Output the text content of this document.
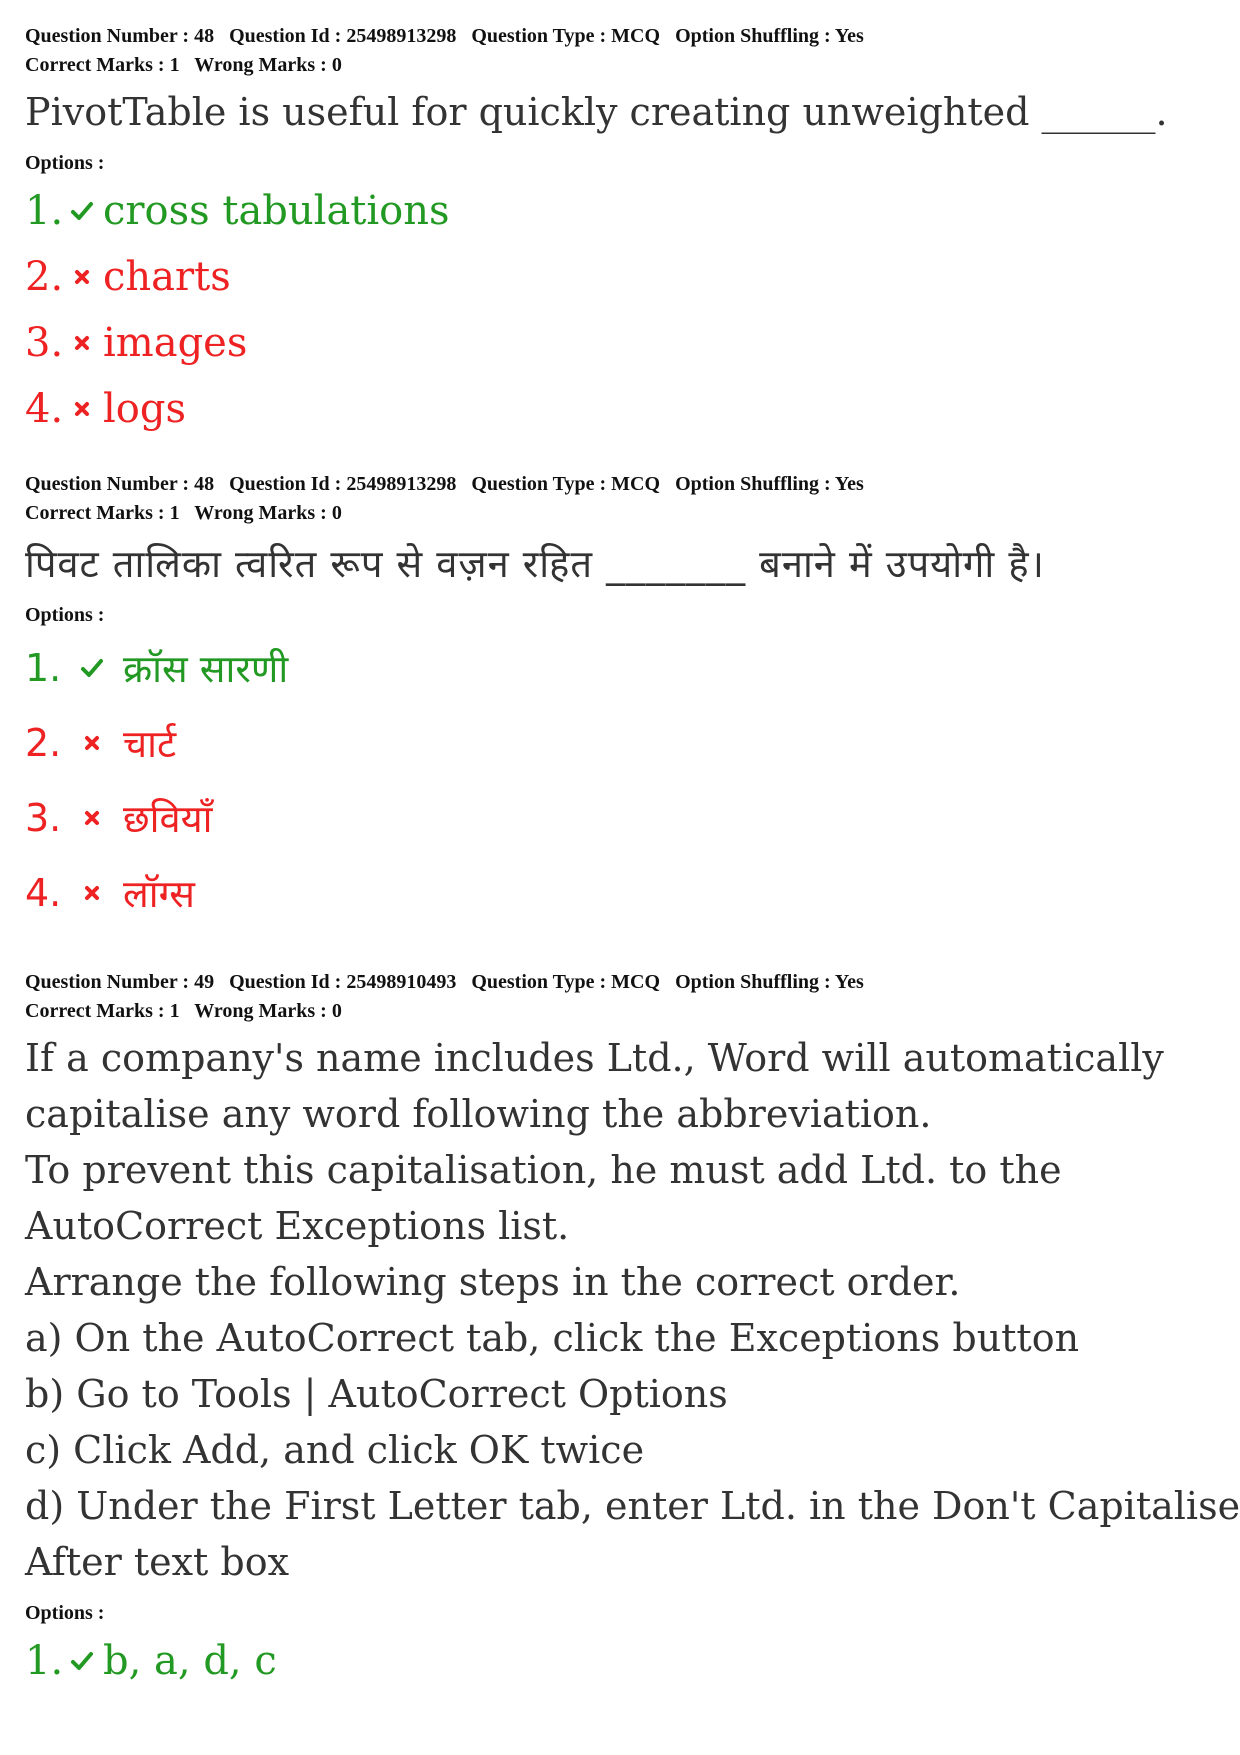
Question Number : 48 Question Id : 25498913298 Question Type : MCQ Option Shuffling : Yes
Correct Marks : 1 Wrong Marks : 0
PivotTable is useful for quickly creating unweighted ______.
Options :
1. cross tabulations
2. charts
3. images
4. logs
Question Number : 48 Question Id : 25498913298 Question Type : MCQ Option Shuffling : Yes
Correct Marks : 1 Wrong Marks : 0
पिवट तालिका त्वरित रूप से वज़न रहित _______ बनाने में उपयोगी है।
Options :
1.	क्रॉस सारणी
2.	चार्ट
3.	छवियाँ
4.	लॉग्स
Question Number : 49 Question Id : 25498910493 Question Type : MCQ Option Shuffling : Yes
Correct Marks : 1 Wrong Marks : 0
If a company's name includes Ltd., Word will automatically
capitalise any word following the abbreviation.
To prevent this capitalisation, he must add Ltd. to the
AutoCorrect Exceptions list.
Arrange the following steps in the correct order.
a) On the AutoCorrect tab, click the Exceptions button
b) Go to Tools | AutoCorrect Options
c) Click Add, and click OK twice
d) Under the First Letter tab, enter Ltd. in the Don't Capitalise
After text box
Options :
1. b, a, d, c
